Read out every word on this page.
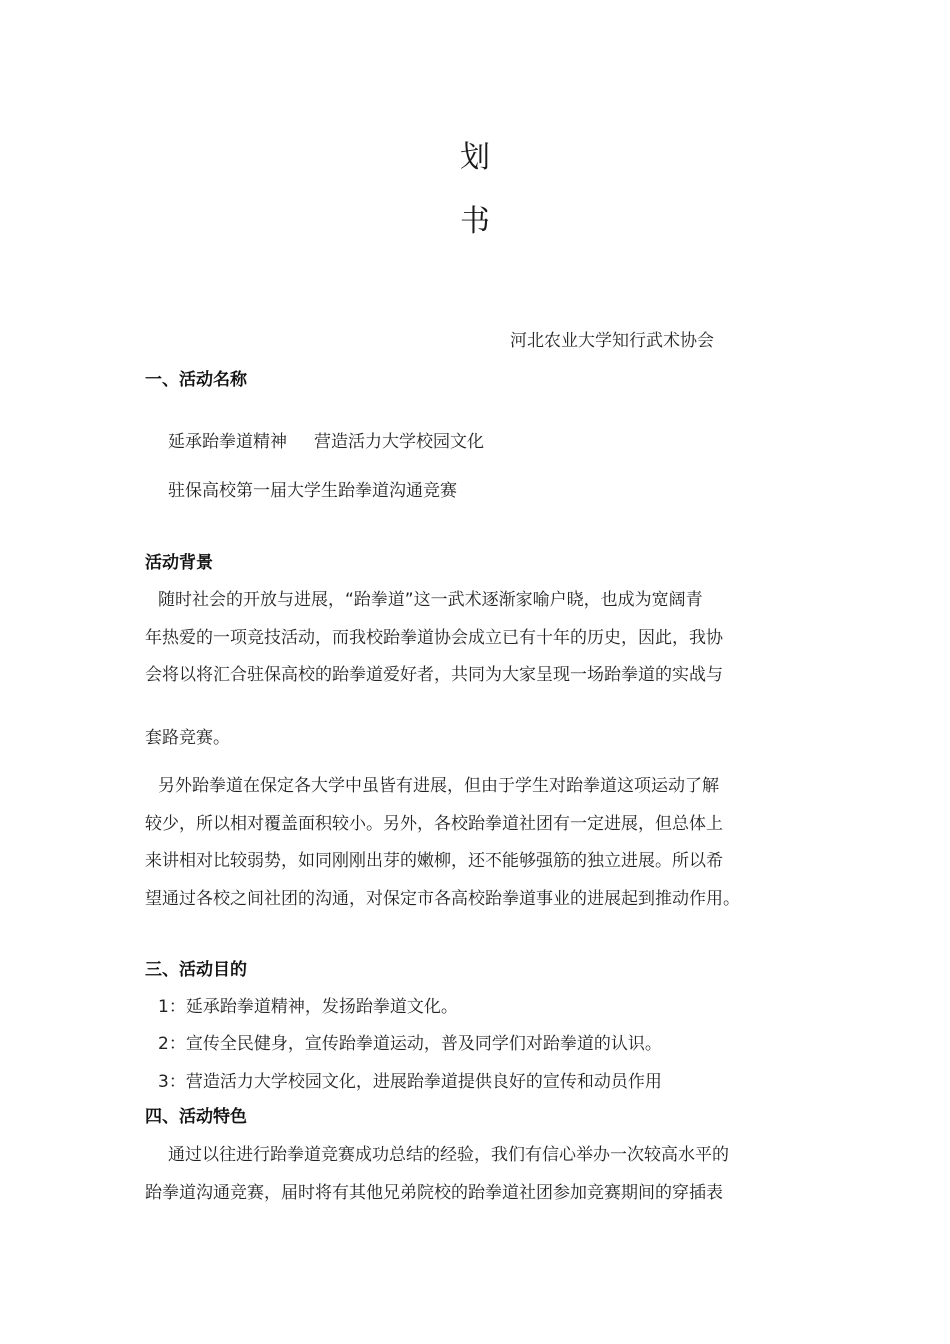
划
书
河北农业大学知行武术协会
一、活动名称
延承跆拳道精神     营造活力大学校园文化
驻保高校第一届大学生跆拳道沟通竞赛
活动背景
随时社会的开放与进展，“跆拳道”这一武术逐渐家喻户晓，也成为宽阔青
年热爱的一项竞技活动，而我校跆拳道协会成立已有十年的历史，因此，我协
会将以将汇合驻保高校的跆拳道爱好者，共同为大家呈现一场跆拳道的实战与
套路竞赛。
另外跆拳道在保定各大学中虽皆有进展，但由于学生对跆拳道这项运动了解
较少，所以相对覆盖面积较小。另外，各校跆拳道社团有一定进展，但总体上
来讲相对比较弱势，如同刚刚出芽的嫩柳，还不能够强筋的独立进展。所以希
望通过各校之间社团的沟通，对保定市各高校跆拳道事业的进展起到推动作用。
三、活动目的
1：延承跆拳道精神，发扬跆拳道文化。
2：宣传全民健身，宣传跆拳道运动，普及同学们对跆拳道的认识。
3：营造活力大学校园文化，进展跆拳道提供良好的宣传和动员作用
四、活动特色
通过以往进行跆拳道竞赛成功总结的经验，我们有信心举办一次较高水平的
跆拳道沟通竞赛，届时将有其他兄弟院校的跆拳道社团参加竞赛期间的穿插表
